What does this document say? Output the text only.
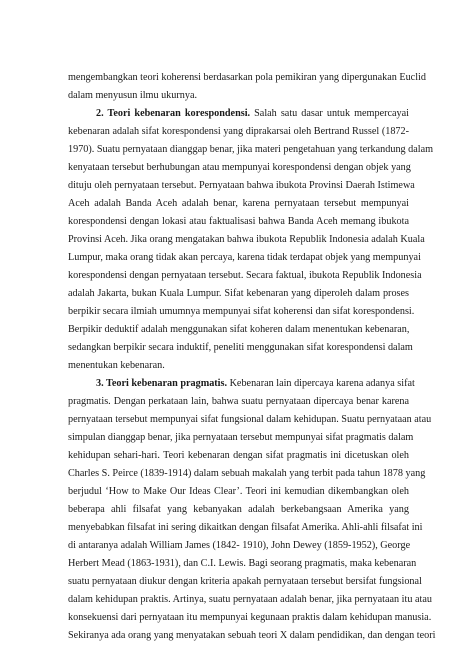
mengembangkan teori koherensi berdasarkan pola pemikiran yang dipergunakan Euclid
dalam menyusun ilmu ukurnya.
2. Teori kebenaran korespondensi. Salah satu dasar untuk mempercayai
kebenaran adalah sifat korespondensi yang diprakarsai oleh Bertrand Russel (1872-
1970). Suatu pernyataan dianggap benar, jika materi pengetahuan yang terkandung dalam
kenyataan tersebut berhubungan atau mempunyai korespondensi dengan objek yang
dituju oleh pernyataan tersebut. Pernyataan bahwa ibukota Provinsi Daerah Istimewa
Aceh adalah Banda Aceh adalah benar, karena pernyataan tersebut mempunyai
korespondensi dengan lokasi atau faktualisasi bahwa Banda Aceh memang ibukota
Provinsi Aceh. Jika orang mengatakan bahwa ibukota Republik Indonesia adalah Kuala
Lumpur, maka orang tidak akan percaya, karena tidak terdapat objek yang mempunyai
korespondensi dengan pernyataan tersebut. Secara faktual, ibukota Republik Indonesia
adalah Jakarta, bukan Kuala Lumpur. Sifat kebenaran yang diperoleh dalam proses
berpikir secara ilmiah umumnya mempunyai sifat koherensi dan sifat korespondensi.
Berpikir deduktif adalah menggunakan sifat koheren dalam menentukan kebenaran,
sedangkan berpikir secara induktif, peneliti menggunakan sifat korespondensi dalam
menentukan kebenaran.
3. Teori kebenaran pragmatis. Kebenaran lain dipercaya karena adanya sifat
pragmatis. Dengan perkataan lain, bahwa suatu pernyataan dipercaya benar karena
pernyataan tersebut mempunyai sifat fungsional dalam kehidupan. Suatu pernyataan atau
simpulan dianggap benar, jika pernyataan tersebut mempunyai sifat pragmatis dalam
kehidupan sehari-hari. Teori kebenaran dengan sifat pragmatis ini dicetuskan oleh
Charles S. Peirce (1839-1914) dalam sebuah makalah yang terbit pada tahun 1878 yang
berjudul ‘How to Make Our Ideas Clear’. Teori ini kemudian dikembangkan oleh
beberapa ahli filsafat yang kebanyakan adalah berkebangsaan Amerika yang
menyebabkan filsafat ini sering dikaitkan dengan filsafat Amerika. Ahli-ahli filsafat ini
di antaranya adalah William James (1842- 1910), John Dewey (1859-1952), George
Herbert Mead (1863-1931), dan C.I. Lewis. Bagi seorang pragmatis, maka kebenaran
suatu pernyataan diukur dengan kriteria apakah pernyataan tersebut bersifat fungsional
dalam kehidupan praktis. Artinya, suatu pernyataan adalah benar, jika pernyataan itu atau
konsekuensi dari pernyataan itu mempunyai kegunaan praktis dalam kehidupan manusia.
Sekiranya ada orang yang menyatakan sebuah teori X dalam pendidikan, dan dengan teori
